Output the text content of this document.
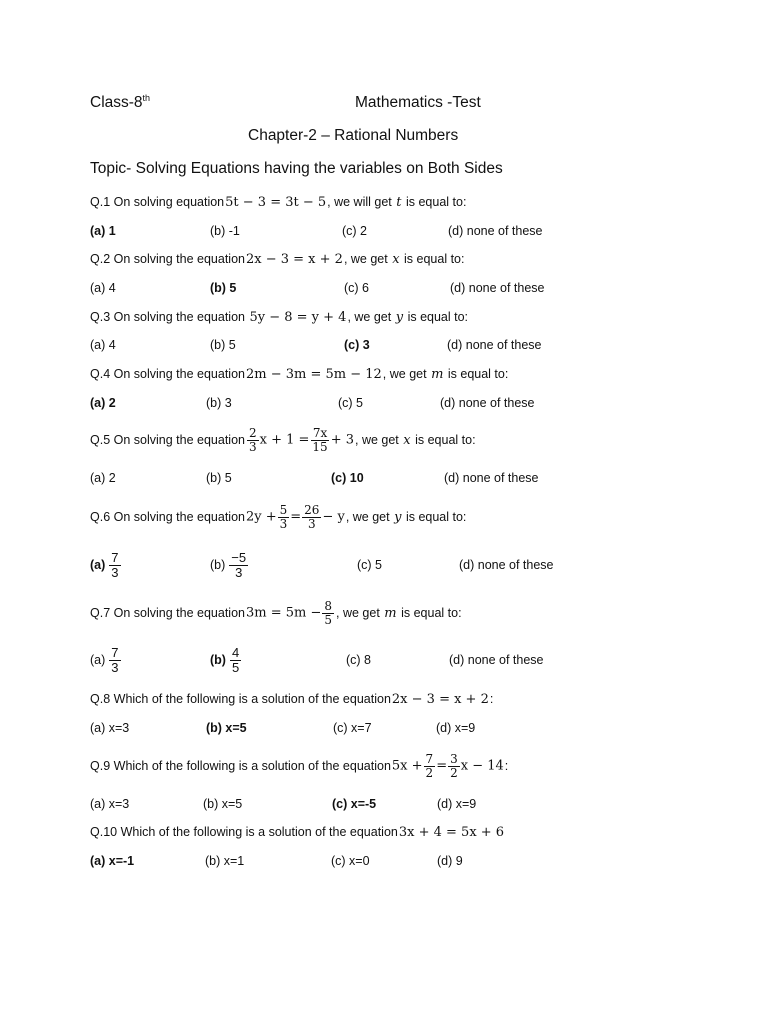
Class-8th	Mathematics -Test
Chapter-2 – Rational Numbers
Topic- Solving Equations having the variables on Both Sides
Q.1
On solving equation 5t − 3 = 3t − 5 , we will get
t
is equal to:
(a) 1	(b) -1	(c) 2	(d) none of these
Q.2
On solving the equation 2x − 3 = x + 2 , we get
x
is equal to:
(a) 4	(b) 5	(c) 6	(d) none of these
Q.3
On solving the equation
5y − 8 = y + 4 , we get
y
is equal to:
(a) 4	(b) 5	(c) 3	(d) none of these
Q.4
On solving the equation 2m − 3m = 5m − 12 , we get
m
is equal to:
(a) 2	(b) 3	(c) 5	(d) none of these
Q.5
On solving the equation $\frac{2}{3}$ $x + 1 = \frac{7x}{15} + 3$ , we get
x
is equal to:
(a) 2	(b) 5	(c) 10	(d) none of these
Q.6
On solving the equation $2y + \frac{5}{3} = \frac{26}{3} - y$ , we get
y
is equal to:
$(a) \frac{7}{3}$	$(b) \frac{-5}{3}$	(c) 5	(d) none of these
Q.7
On solving the equation $3m = 5m - \frac{8}{5}$ , we get
m
is equal to:
$(a) \frac{7}{3}$	$(b) \frac{4}{5}$	(c) 8	(d) none of these
Q.8
Which of the following is a solution of the equation 2x − 3 = x + 2 :
(a) x=3	(b) x=5	(c) x=7	(d) x=9
Q.9
Which of the following is a solution of the equation $5x + \frac{7}{2} = \frac{3}{2}$ x − 14 :
(a) x=3	(b) x=5	(c) x=-5	(d) x=9
Q.10
Which of the following is a solution of the equation 3x + 4 = 5x + 6
(a) x=-1	(b) x=1	(c) x=0	(d) 9
